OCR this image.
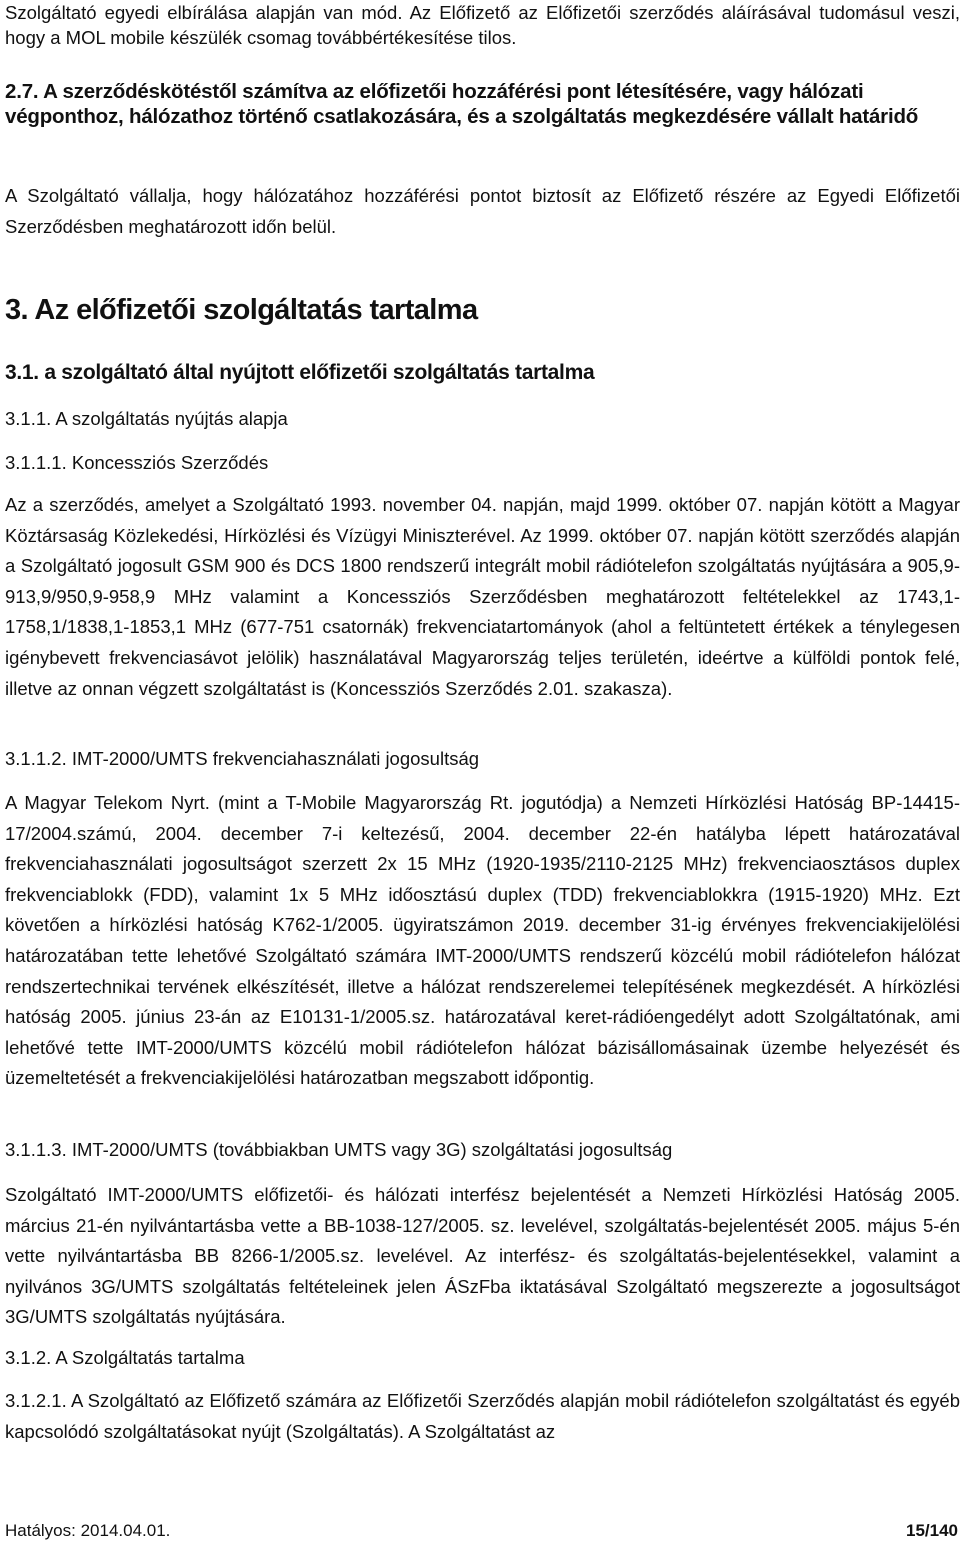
Szolgáltató egyedi elbírálása alapján van mód. Az Előfizető az Előfizetői szerződés aláírásával tudomásul veszi, hogy a MOL mobile készülék csomag továbbértékesítése tilos.

2.7. A szerződéskötéstől számítva az előfizetői hozzáférési pont létesítésére, vagy hálózati végponthoz, hálózathoz történő csatlakozására, és a szolgáltatás megkezdésére vállalt határidő

A Szolgáltató vállalja, hogy hálózatához hozzáférési pontot biztosít az Előfizető részére az Egyedi Előfizetői Szerződésben meghatározott időn belül.

3. Az előfizetői szolgáltatás tartalma
3.1. a szolgáltató által nyújtott előfizetői szolgáltatás tartalma
3.1.1. A szolgáltatás nyújtás alapja
3.1.1.1. Koncessziós Szerződés

Az a szerződés, amelyet a Szolgáltató 1993. november 04. napján, majd 1999. október 07. napján kötött a Magyar Köztársaság Közlekedési, Hírközlési és Vízügyi Miniszterével. Az 1999. október 07. napján kötött szerződés alapján a Szolgáltató jogosult GSM 900 és DCS 1800 rendszerű integrált mobil rádiótelefon szolgáltatás nyújtására a 905,9-913,9/950,9-958,9 MHz valamint a Koncessziós Szerződésben meghatározott feltételekkel az 1743,1-1758,1/1838,1-1853,1 MHz (677-751 csatornák) frekvenciatartományok (ahol a feltüntetett értékek a ténylegesen igénybevett frekvenciasávot jelölik) használatával Magyarország teljes területén, ideértve a külföldi pontok felé, illetve az onnan végzett szolgáltatást is (Koncessziós Szerződés 2.01. szakasza).

3.1.1.2. IMT-2000/UMTS frekvenciahasználati jogosultság

A Magyar Telekom Nyrt. (mint a T-Mobile Magyarország Rt. jogutódja) a Nemzeti Hírközlési Hatóság BP-14415-17/2004.számú, 2004. december 7-i keltezésű, 2004. december 22-én hatályba lépett határozatával frekvenciahasználati jogosultságot szerzett 2x 15 MHz (1920-1935/2110-2125 MHz) frekvenciaosztásos duplex frekvenciablokk (FDD), valamint 1x 5 MHz időosztású duplex (TDD) frekvenciablokkra (1915-1920) MHz. Ezt követően a hírközlési hatóság K762-1/2005. ügyiratszámon 2019. december 31-ig érvényes frekvenciakijelölési határozatában tette lehetővé Szolgáltató számára IMT-2000/UMTS rendszerű közcélú mobil rádiótelefon hálózat rendszertechnikai tervének elkészítését, illetve a hálózat rendszerelemei telepítésének megkezdését. A hírközlési hatóság 2005. június 23-án az E10131-1/2005.sz. határozatával keret-rádióengedélyt adott Szolgáltatónak, ami lehetővé tette IMT-2000/UMTS közcélú mobil rádiótelefon hálózat bázisállomásainak üzembe helyezését és üzemeltetését a frekvenciakijelölési határozatban megszabott időpontig.

3.1.1.3. IMT-2000/UMTS (továbbiakban UMTS vagy 3G) szolgáltatási jogosultság

Szolgáltató IMT-2000/UMTS előfizetői- és hálózati interfész bejelentését a Nemzeti Hírközlési Hatóság 2005. március 21-én nyilvántartásba vette a BB-1038-127/2005. sz. levelével, szolgáltatás-bejelentését 2005. május 5-én vette nyilvántartásba BB 8266-1/2005.sz. levelével. Az interfész- és szolgáltatás-bejelentésekkel, valamint a nyilvános 3G/UMTS szolgáltatás feltételeinek jelen ÁSzFba iktatásával Szolgáltató megszerezte a jogosultságot 3G/UMTS szolgáltatás nyújtására.

3.1.2. A Szolgáltatás tartalma

3.1.2.1. A Szolgáltató az Előfizető számára az Előfizetői Szerződés alapján mobil rádiótelefon szolgáltatást és egyéb kapcsolódó szolgáltatásokat nyújt (Szolgáltatás). A Szolgáltatást az

Hatályos: 2014.04.01.	15/140
